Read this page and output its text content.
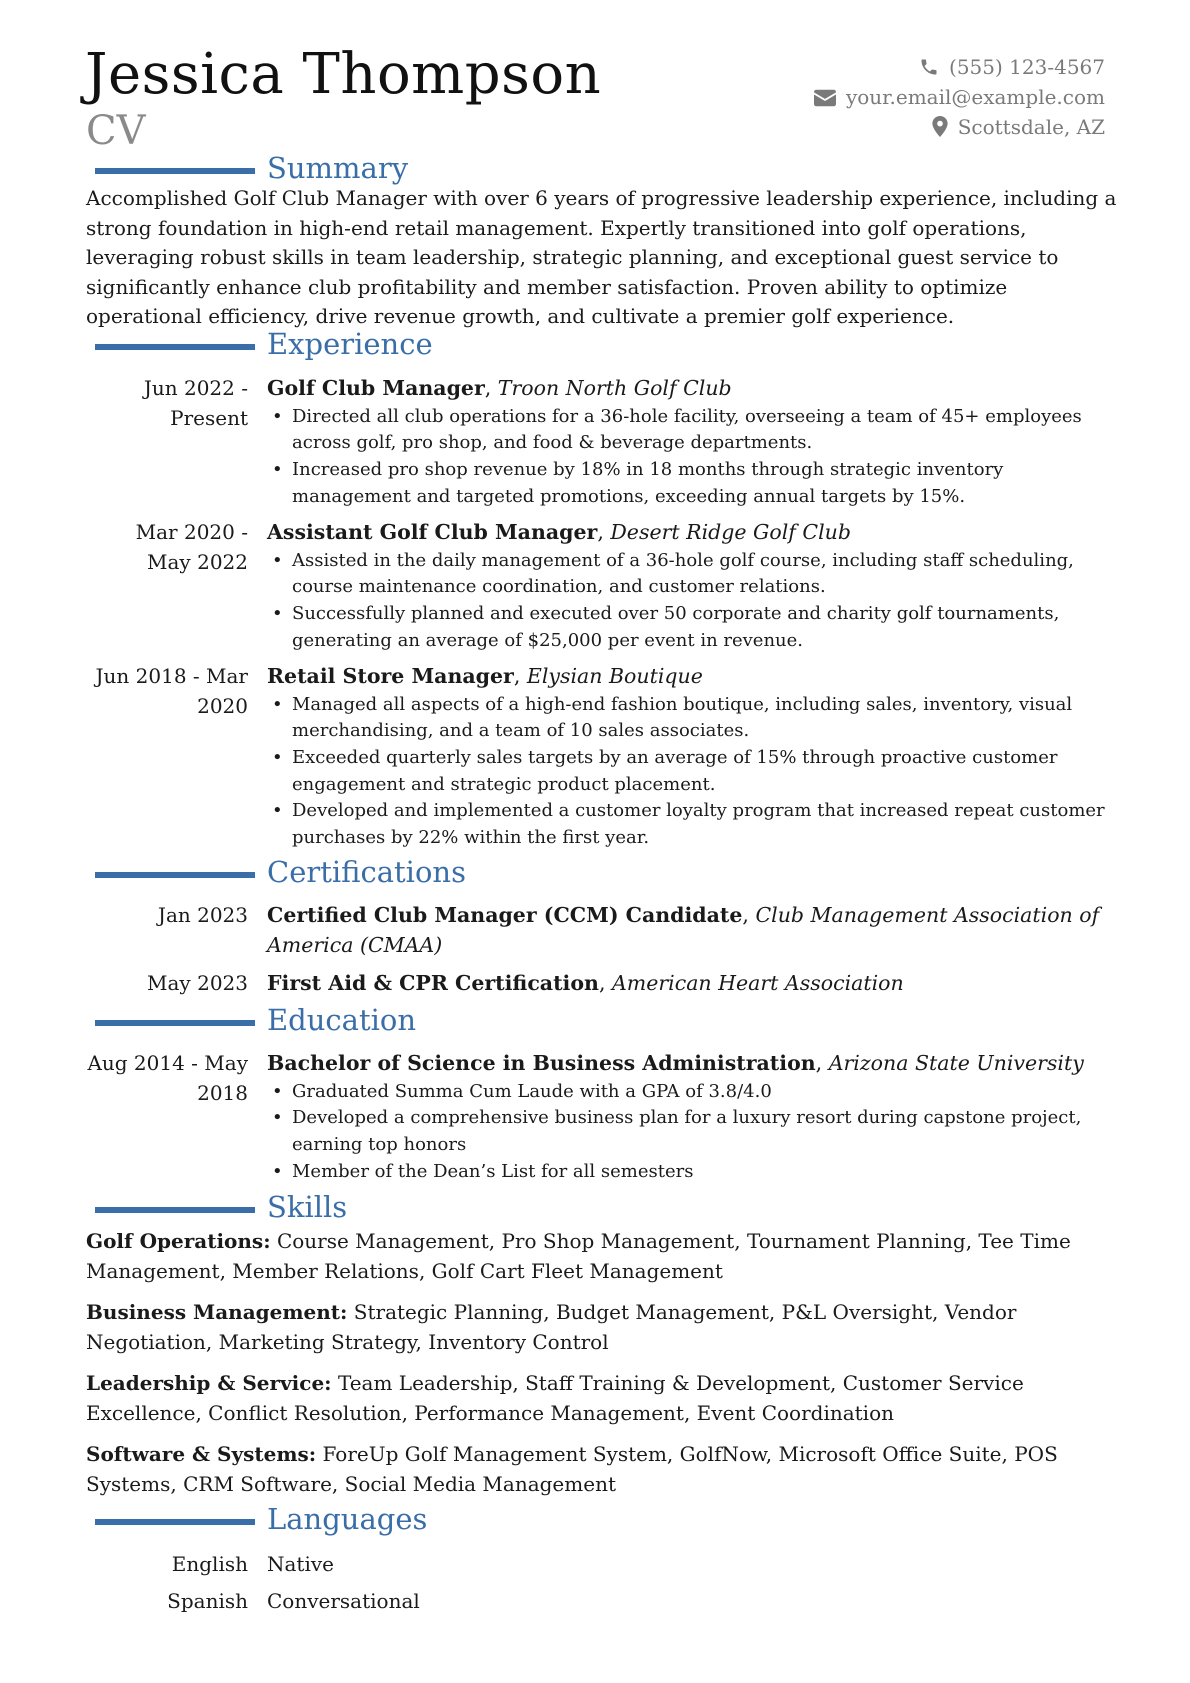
Jessica Thompson
CV
(555) 123-4567
your.email@example.com
Scottsdale, AZ
Summary
Accomplished Golf Club Manager with over 6 years of progressive leadership experience, including a strong foundation in high-end retail management. Expertly transitioned into golf operations, leveraging robust skills in team leadership, strategic planning, and exceptional guest service to significantly enhance club profitability and member satisfaction. Proven ability to optimize operational efficiency, drive revenue growth, and cultivate a premier golf experience.
Experience
Jun 2022 - Present
Golf Club Manager, Troon North Golf Club
• Directed all club operations for a 36-hole facility, overseeing a team of 45+ employees across golf, pro shop, and food & beverage departments.
• Increased pro shop revenue by 18% in 18 months through strategic inventory management and targeted promotions, exceeding annual targets by 15%.
Mar 2020 - May 2022
Assistant Golf Club Manager, Desert Ridge Golf Club
• Assisted in the daily management of a 36-hole golf course, including staff scheduling, course maintenance coordination, and customer relations.
• Successfully planned and executed over 50 corporate and charity golf tournaments, generating an average of $25,000 per event in revenue.
Jun 2018 - Mar 2020
Retail Store Manager, Elysian Boutique
• Managed all aspects of a high-end fashion boutique, including sales, inventory, visual merchandising, and a team of 10 sales associates.
• Exceeded quarterly sales targets by an average of 15% through proactive customer engagement and strategic product placement.
• Developed and implemented a customer loyalty program that increased repeat customer purchases by 22% within the first year.
Certifications
Jan 2023 Certified Club Manager (CCM) Candidate, Club Management Association of America (CMAA)
May 2023 First Aid & CPR Certification, American Heart Association
Education
Aug 2014 - May 2018
Bachelor of Science in Business Administration, Arizona State University
• Graduated Summa Cum Laude with a GPA of 3.8/4.0
• Developed a comprehensive business plan for a luxury resort during capstone project, earning top honors
• Member of the Dean’s List for all semesters
Skills
Golf Operations: Course Management, Pro Shop Management, Tournament Planning, Tee Time Management, Member Relations, Golf Cart Fleet Management
Business Management: Strategic Planning, Budget Management, P&L Oversight, Vendor Negotiation, Marketing Strategy, Inventory Control
Leadership & Service: Team Leadership, Staff Training & Development, Customer Service Excellence, Conflict Resolution, Performance Management, Event Coordination
Software & Systems: ForeUp Golf Management System, GolfNow, Microsoft Office Suite, POS Systems, CRM Software, Social Media Management
Languages
English Native
Spanish Conversational
